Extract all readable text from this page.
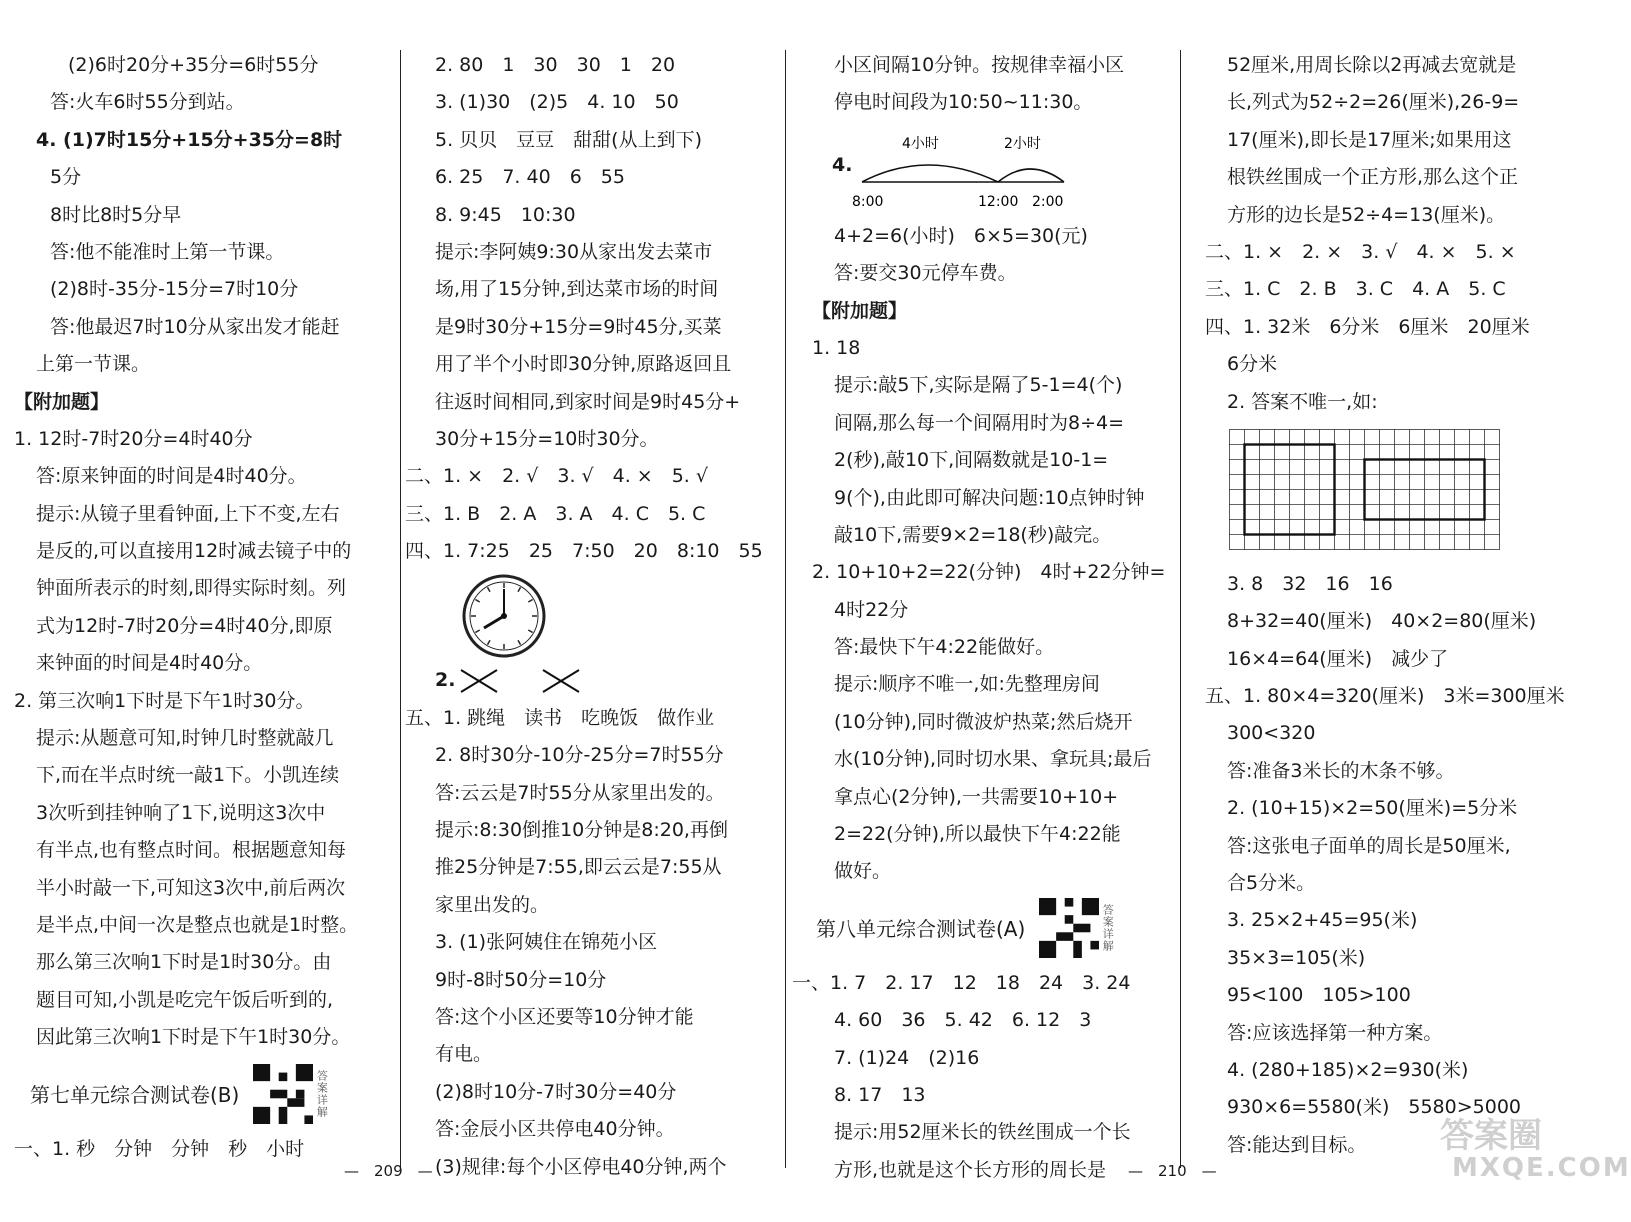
(2)6时20分+35分=6时55分
答:火车6时55分到站。
4. (1)7时15分+15分+35分=8时
5分
8时比8时5分早
答:他不能准时上第一节课。
(2)8时-35分-15分=7时10分
答:他最迟7时10分从家出发才能赶
上第一节课。
【附加题】
1. 12时-7时20分=4时40分
答:原来钟面的时间是4时40分。
提示:从镜子里看钟面,上下不变,左右
是反的,可以直接用12时减去镜子中的
钟面所表示的时刻,即得实际时刻。列
式为12时-7时20分=4时40分,即原
来钟面的时间是4时40分。
2. 第三次响1下时是下午1时30分。
提示:从题意可知,时钟几时整就敲几
下,而在半点时统一敲1下。小凯连续
3次听到挂钟响了1下,说明这3次中
有半点,也有整点时间。根据题意知每
半小时敲一下,可知这3次中,前后两次
是半点,中间一次是整点也就是1时整。
那么第三次响1下时是1时30分。由
题目可知,小凯是吃完午饭后听到的,
因此第三次响1下时是下午1时30分。
第七单元综合测试卷(B)	答案详解
一、1. 秒　分钟　分钟　秒　小时
2. 80　1　30　30　1　20
3. (1)30　(2)5　4. 10　50
5. 贝贝　豆豆　甜甜(从上到下)
6. 25　7. 40　6　55
8. 9:45　10:30
提示:李阿姨9:30从家出发去菜市
场,用了15分钟,到达菜市场的时间
是9时30分+15分=9时45分,买菜
用了半个小时即30分钟,原路返回且
往返时间相同,到家时间是9时45分+
30分+15分=10时30分。
二、1. ×　2. √　3. √　4. ×　5. √
三、1. B　2. A　3. A　4. C　5. C
四、1. 7:25　25　7:50　20　8:10　55
2.
五、1. 跳绳　读书　吃晚饭　做作业
2. 8时30分-10分-25分=7时55分
答:云云是7时55分从家里出发的。
提示:8:30倒推10分钟是8:20,再倒
推25分钟是7:55,即云云是7:55从
家里出发的。
3. (1)张阿姨住在锦苑小区
9时-8时50分=10分
答:这个小区还要等10分钟才能
有电。
(2)8时10分-7时30分=40分
答:金辰小区共停电40分钟。
(3)规律:每个小区停电40分钟,两个
小区间隔10分钟。按规律幸福小区
停电时间段为10:50~11:30。
4.
4小时	2小时
8:00	12:00 2:00
4+2=6(小时)　6×5=30(元)
答:要交30元停车费。
【附加题】
1. 18
提示:敲5下,实际是隔了5-1=4(个)
间隔,那么每一个间隔用时为8÷4=
2(秒),敲10下,间隔数就是10-1=
9(个),由此即可解决问题:10点钟时钟
敲10下,需要9×2=18(秒)敲完。
2. 10+10+2=22(分钟)　4时+22分钟=
4时22分
答:最快下午4:22能做好。
提示:顺序不唯一,如:先整理房间
(10分钟),同时微波炉热菜;然后烧开
水(10分钟),同时切水果、拿玩具;最后
拿点心(2分钟),一共需要10+10+
2=22(分钟),所以最快下午4:22能
做好。
第八单元综合测试卷(A)	答案详解
一、1. 7　2. 17　12　18　24　3. 24
4. 60　36　5. 42　6. 12　3
7. (1)24　(2)16
8. 17　13
提示:用52厘米长的铁丝围成一个长
方形,也就是这个长方形的周长是
52厘米,用周长除以2再减去宽就是
长,列式为52÷2=26(厘米),26-9=
17(厘米),即长是17厘米;如果用这
根铁丝围成一个正方形,那么这个正
方形的边长是52÷4=13(厘米)。
二、1. ×　2. ×　3. √　4. ×　5. ×
三、1. C　2. B　3. C　4. A　5. C
四、1. 32米　6分米　6厘米　20厘米
6分米
2. 答案不唯一,如:
3. 8　32　16　16
8+32=40(厘米)　40×2=80(厘米)
16×4=64(厘米)　减少了
五、1. 80×4=320(厘米)　3米=300厘米
300<320
答:准备3米长的木条不够。
2. (10+15)×2=50(厘米)=5分米
答:这张电子面单的周长是50厘米,
合5分米。
3. 25×2+45=95(米)
35×3=105(米)
95<100　105>100
答:应该选择第一种方案。
4. (280+185)×2=930(米)
930×6=5580(米)　5580>5000
答:能达到目标。
—　209　—	—　210　—
答案圈
MXQE.COM
